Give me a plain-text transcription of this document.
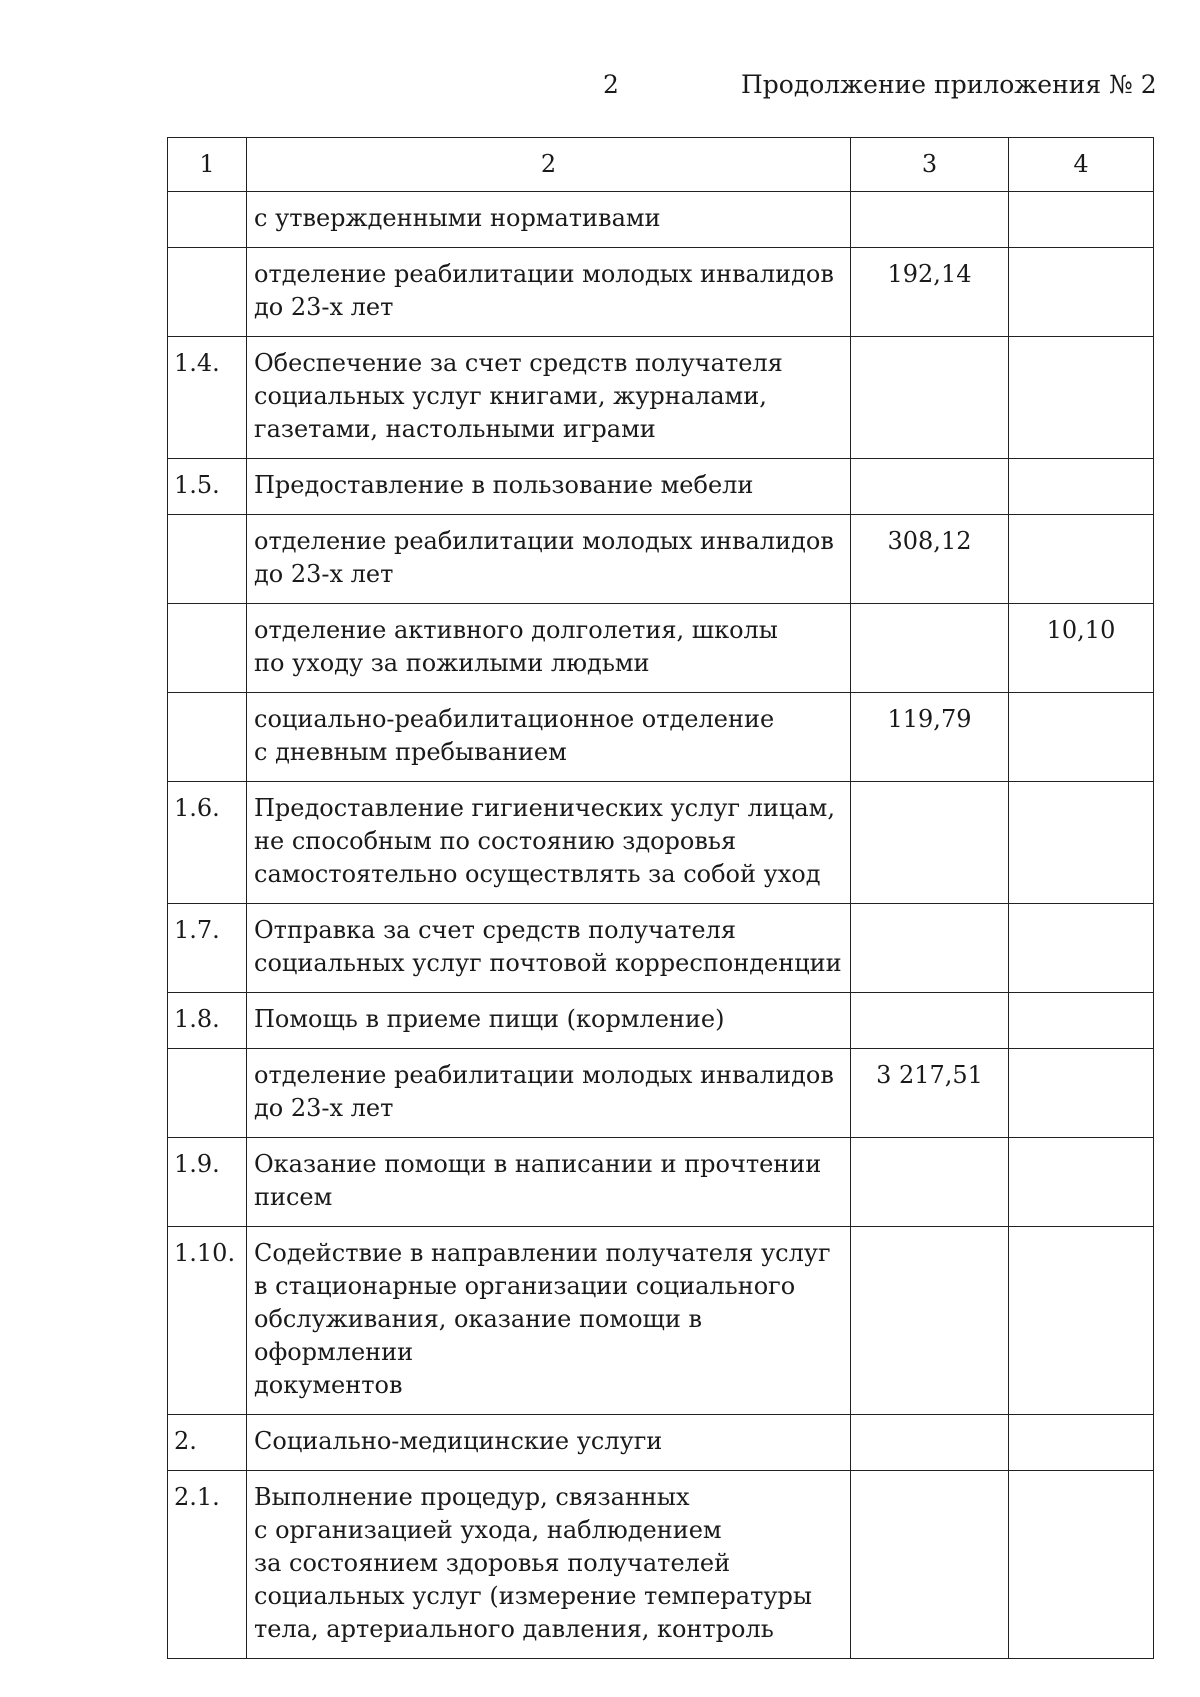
2	Продолжение приложения № 2
1	2	3	4

	с утвержденными нормативами		

	отделение реабилитации молодых инвалидов
до 23-х лет	192,14	
1.4.	Обеспечение за счет средств получателя
социальных услуг книгами, журналами,
газетами, настольными играми		

1.5.	Предоставление в пользование мебели		

	отделение реабилитации молодых инвалидов
до 23-х лет	308,12	

	отделение активного долголетия, школы
по уходу за пожилыми людьми		10,10

	социально-реабилитационное отделение
с дневным пребыванием	119,79	
1.6.	Предоставление гигиенических услуг лицам,
не способным по состоянию здоровья
самостоятельно осуществлять за собой уход		

1.7.	Отправка за счет средств получателя
социальных услуг почтовой корреспонденции		

1.8.	Помощь в приеме пищи (кормление)		

	отделение реабилитации молодых инвалидов
до 23-х лет	3 217,51	
1.9.	Оказание помощи в написании и прочтении
писем		

1.10.	Содействие в направлении получателя услуг
в стационарные организации социального
обслуживания, оказание помощи в оформлении
документов		

2.	Социально-медицинские услуги		

2.1.	Выполнение процедур, связанных
с организацией ухода, наблюдением
за состоянием здоровья получателей
социальных услуг (измерение температуры
тела, артериального давления, контроль		
